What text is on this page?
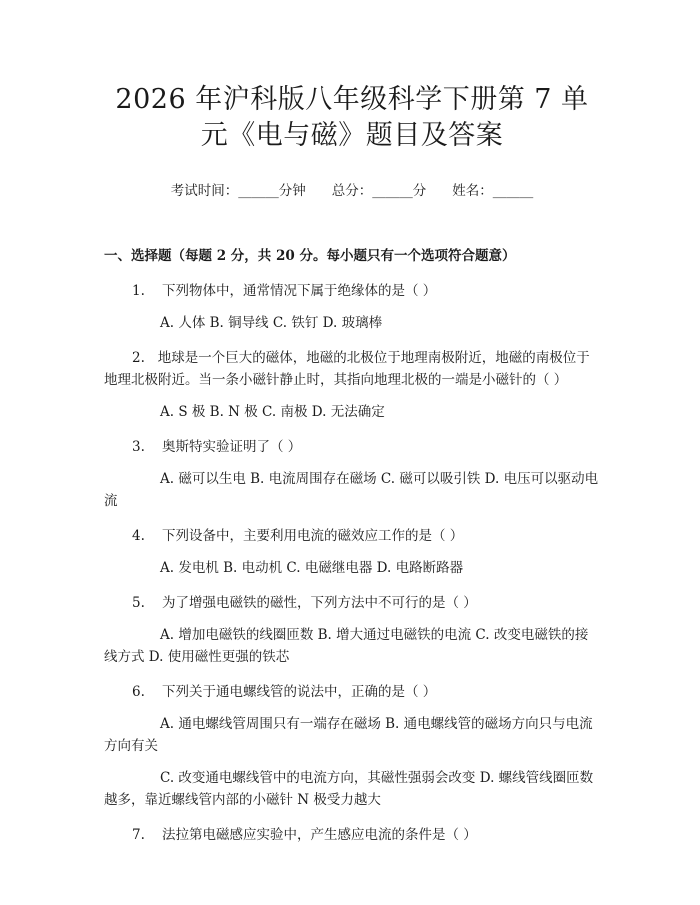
2026 年沪科版八年级科学下册第 7 单元《电与磁》题目及答案
考试时间：______分钟 总分：______分 姓名：______
一、选择题（每题 2 分，共 20 分。每小题只有一个选项符合题意）
1. 下列物体中，通常情况下属于绝缘体的是（ ）
A. 人体 B. 铜导线 C. 铁钉 D. 玻璃棒
2. 地球是一个巨大的磁体，地磁的北极位于地理南极附近，地磁的南极位于地理北极附近。当一条小磁针静止时，其指向地理北极的一端是小磁针的（ ）
A. S 极 B. N 极 C. 南极 D. 无法确定
3. 奥斯特实验证明了（ ）
A. 磁可以生电 B. 电流周围存在磁场 C. 磁可以吸引铁 D. 电压可以驱动电流
4. 下列设备中，主要利用电流的磁效应工作的是（ ）
A. 发电机 B. 电动机 C. 电磁继电器 D. 电路断路器
5. 为了增强电磁铁的磁性，下列方法中不可行的是（ ）
A. 增加电磁铁的线圈匝数 B. 增大通过电磁铁的电流 C. 改变电磁铁的接线方式 D. 使用磁性更强的铁芯
6. 下列关于通电螺线管的说法中，正确的是（ ）
A. 通电螺线管周围只有一端存在磁场 B. 通电螺线管的磁场方向只与电流方向有关
C. 改变通电螺线管中的电流方向，其磁性强弱会改变 D. 螺线管线圈匝数越多，靠近螺线管内部的小磁针 N 极受力越大
7. 法拉第电磁感应实验中，产生感应电流的条件是（ ）
